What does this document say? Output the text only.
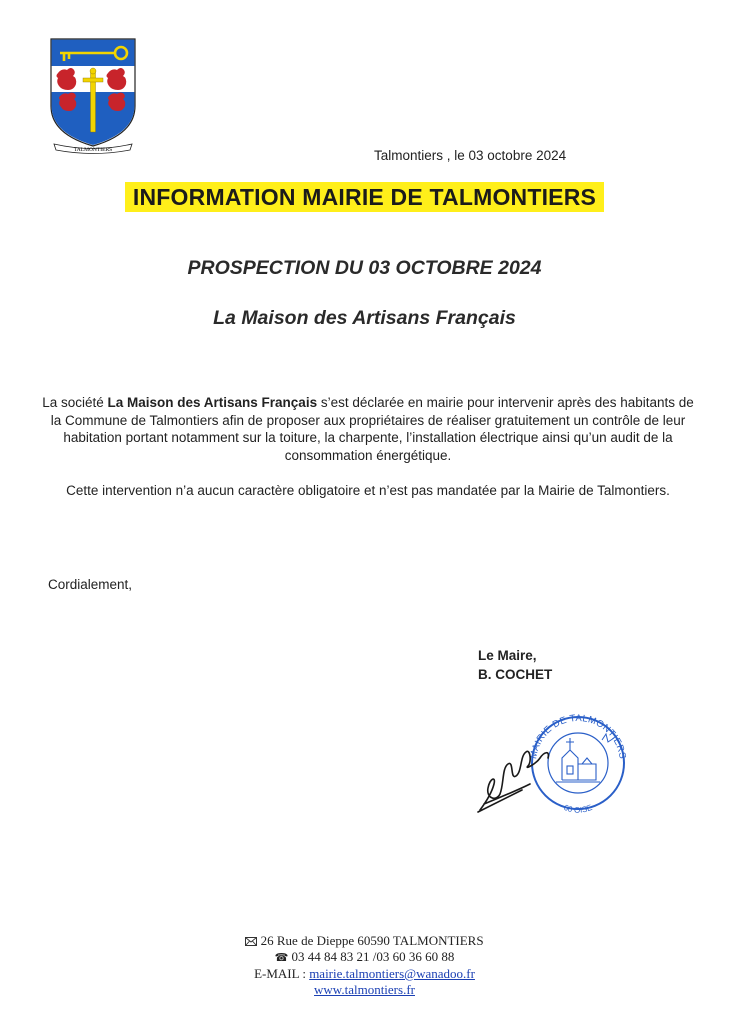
TALMONTIERS	Talmontiers , le 03 octobre 2024
INFORMATION MAIRIE DE TALMONTIERS
PROSPECTION DU 03 OCTOBRE 2024
La Maison des Artisans Français
La société La Maison des Artisans Français s’est déclarée en mairie pour intervenir après des habitants de la Commune de Talmontiers afin de proposer aux propriétaires de réaliser gratuitement un contrôle de leur habitation portant notamment sur la toiture, la charpente, l’installation électrique ainsi qu’un audit de la consommation énergétique.
Cette intervention n’a aucun caractère obligatoire et n’est pas mandatée par la Mairie de Talmontiers.
Cordialement,
Le Maire,
B. COCHET
MAIRIE DE TALMONTIERS
60 OISE
26 Rue de Dieppe 60590 TALMONTIERS
☎ 03 44 84 83 21 /03 60 36 60 88
E-MAIL : mairie.talmontiers@wanadoo.fr
www.talmontiers.fr
